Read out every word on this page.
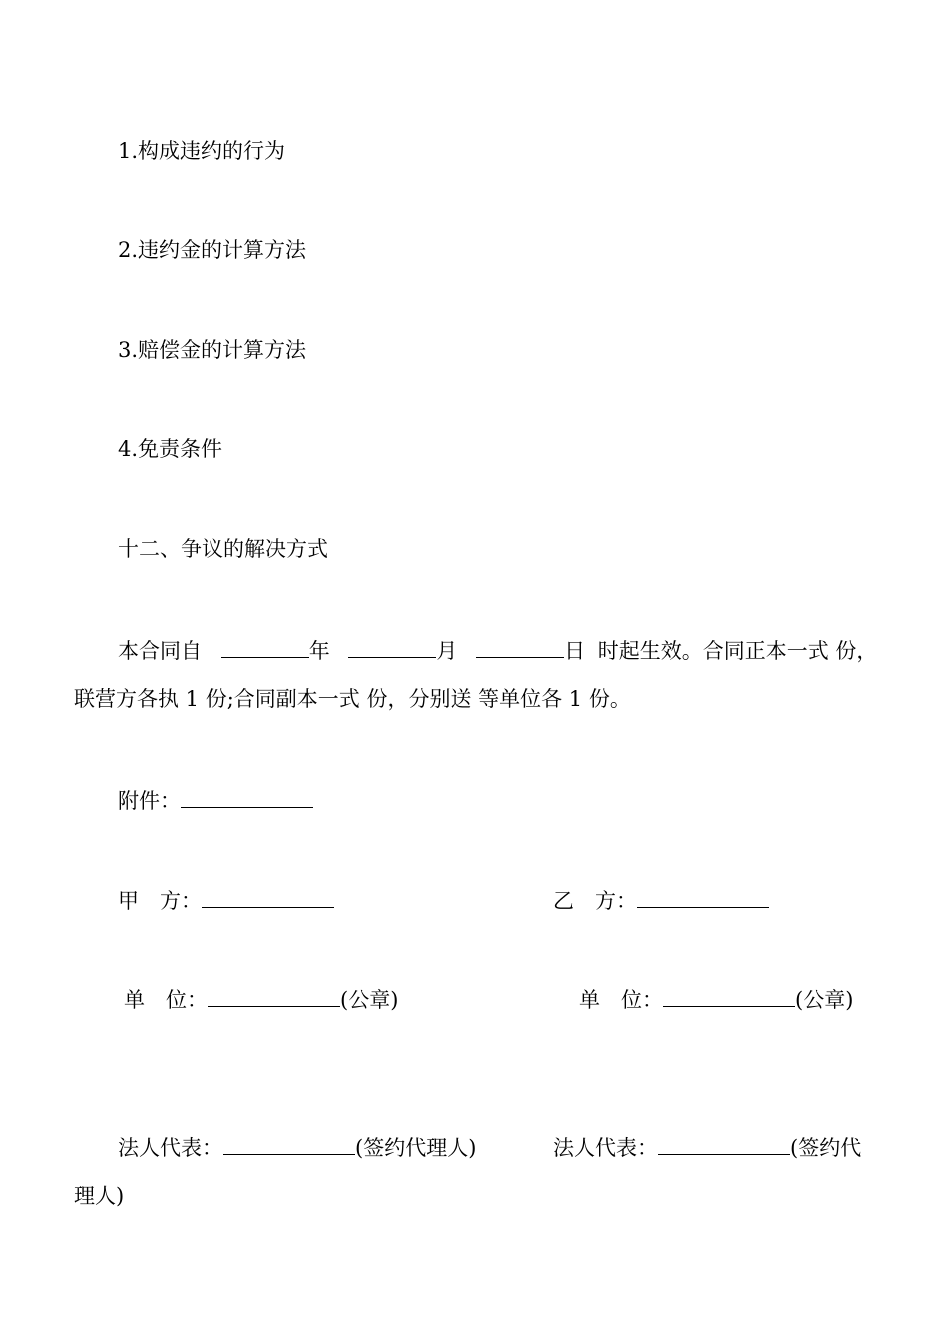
1.构成违约的行为
2.违约金的计算方法
3.赔偿金的计算方法
4.免责条件
十二、争议的解决方式
本合同自	年	月	日 时起生效。合同正本一式 份，
联营方各执 1 份;合同副本一式 份，分别送 等单位各 1 份。
附件：
甲　方：	乙　方：
单　位：	(公章)	单　位：	(公章)
法人代表：	(签约代理人)	法人代表：	(签约代
理人)
